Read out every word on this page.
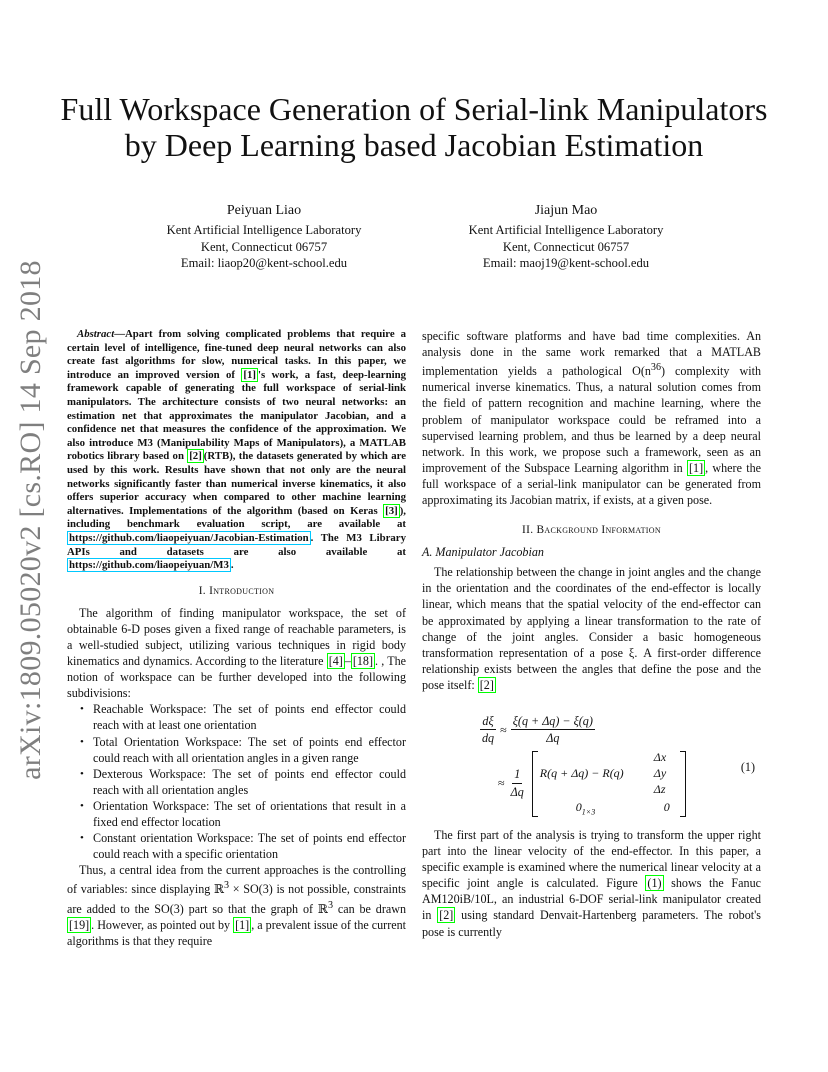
arXiv:1809.05020v2 [cs.RO] 14 Sep 2018
Full Workspace Generation of Serial-link Manipulators by Deep Learning based Jacobian Estimation
Peiyuan Liao
Kent Artificial Intelligence Laboratory
Kent, Connecticut 06757
Email: liaop20@kent-school.edu
Jiajun Mao
Kent Artificial Intelligence Laboratory
Kent, Connecticut 06757
Email: maoj19@kent-school.edu

Abstract—Apart from solving complicated problems that require a certain level of intelligence, fine-tuned deep neural networks can also create fast algorithms for slow, numerical tasks. In this paper, we introduce an improved version of [1] 's work, a fast, deep-learning framework capable of generating the full workspace of serial-link manipulators. The architecture consists of two neural networks: an estimation net that approximates the manipulator Jacobian, and a confidence net that measures the confidence of the approximation. We also introduce M3 (Manipulability Maps of Manipulators), a MATLAB robotics library based on [2] (RTB), the datasets generated by which are used by this work. Results have shown that not only are the neural networks significantly faster than numerical inverse kinematics, it also offers superior accuracy when compared to other machine learning alternatives. Implementations of the algorithm (based on Keras [3] ), including benchmark evaluation script, are available at https://github.com/liaopeiyuan/Jacobian-Estimation . The M3 Library APIs and datasets are also available at https://github.com/liaopeiyuan/M3 .

I. Introduction

The algorithm of finding manipulator workspace, the set of obtainable 6-D poses given a fixed range of reachable parameters, is a well-studied subject, utilizing various techniques in rigid body kinematics and dynamics. According to the literature [4] – [18] . , The notion of workspace can be further developed into the following subdivisions:

• Reachable Workspace: The set of points end effector could reach with at least one orientation
• Total Orientation Workspace: The set of points end effector could reach with all orientation angles in a given range
• Dexterous Workspace: The set of points end effector could reach with all orientation angles
• Orientation Workspace: The set of orientations that result in a fixed end effector location
• Constant orientation Workspace: The set of points end effector could reach with a specific orientation

Thus, a central idea from the current approaches is the controlling of variables: since displaying ℝ$^3$ × SO(3) is not possible, constraints are added to the SO(3) part so that the graph of ℝ$^3$ can be drawn [19] . However, as pointed out by [1] , a prevalent issue of the current algorithms is that they require

specific software platforms and have bad time complexities. An analysis done in the same work remarked that a MATLAB implementation yields a pathological $O(n^{36})$ complexity with numerical inverse kinematics. Thus, a natural solution comes from the field of pattern recognition and machine learning, where the problem of manipulator workspace could be reframed into a supervised learning problem, and thus be learned by a deep neural network. In this work, we propose such a framework, seen as an improvement of the Subspace Learning algorithm in [1] , where the full workspace of a serial-link manipulator can be generated from approximating its Jacobian matrix, if exists, at a given pose.

II. Background Information
A. Manipulator Jacobian

The relationship between the change in joint angles and the change in the orientation and the coordinates of the end-effector is locally linear, which means that the spatial velocity of the end-effector can be approximated by applying a linear transformation to the rate of change of the joint angles. Consider a basic homogeneous transformation representation of a pose ξ. A first-order difference relationship exists between the angles that define the pose and the pose itself: [2]

$\frac{d\xi}{dq} \approx \frac{\xi(q + \Delta q) - \xi(q)}{\Delta q}$
≈ $\frac{1}{\Delta q}$
Δx
R(q + Δq) − R(q)	Δy
Δz
$0_{1\times 3}$	0
(1)

The first part of the analysis is trying to transform the upper right part into the linear velocity of the end-effector. In this paper, a specific example is examined where the numerical linear velocity at a specific joint angle is calculated. Figure (1) shows the Fanuc AM120iB/10L, an industrial 6-DOF serial-link manipulator created in [2] using standard Denvait-Hartenberg parameters. The robot's pose is currently
